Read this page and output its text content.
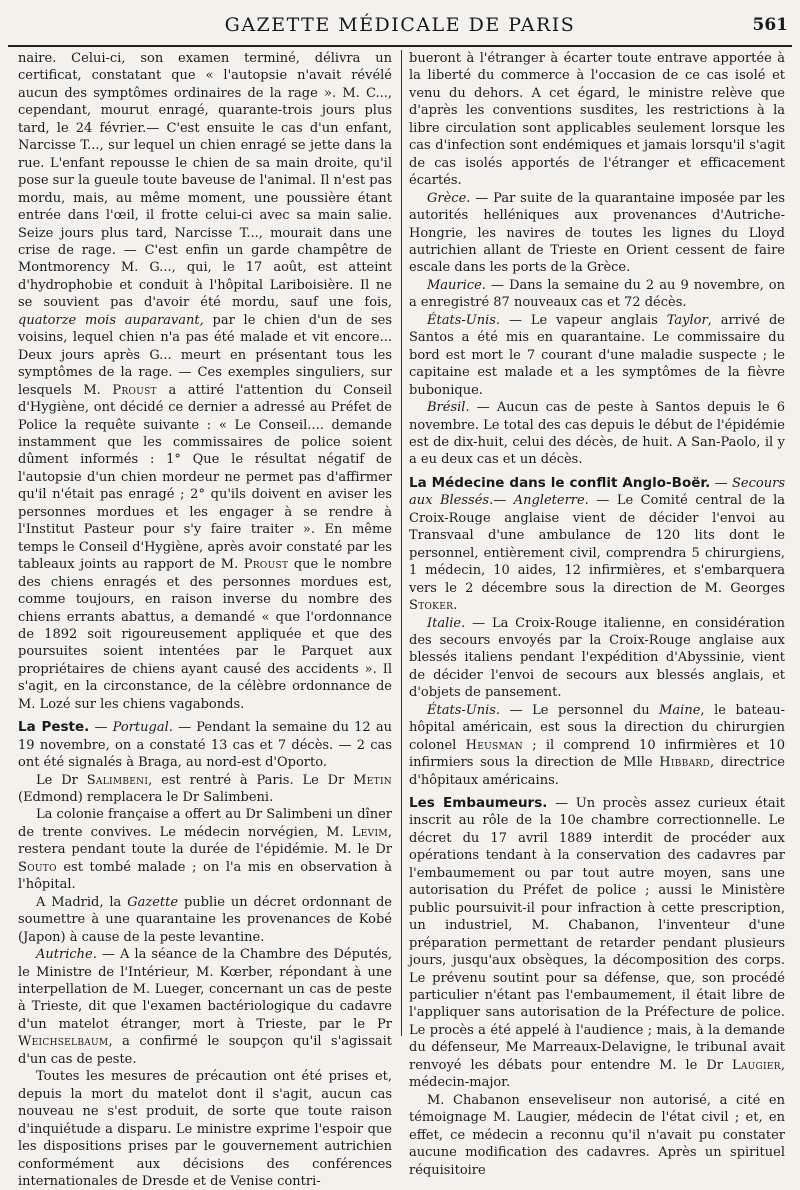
GAZETTE MÉDICALE DE PARIS	561

naire. Celui-ci, son examen terminé, délivra un certificat, constatant que « l'autopsie n'avait révélé aucun des symptômes ordinaires de la rage ». M. C..., cependant, mourut enragé, quarante-trois jours plus tard, le 24 février.— C'est ensuite le cas d'un enfant, Narcisse T..., sur lequel un chien enragé se jette dans la rue. L'enfant repousse le chien de sa main droite, qu'il pose sur la gueule toute baveuse de l'animal. Il n'est pas mordu, mais, au même moment, une poussière étant entrée dans l'œil, il frotte celui-ci avec sa main salie. Seize jours plus tard, Narcisse T..., mourait dans une crise de rage. — C'est enfin un garde champêtre de Montmorency M. G..., qui, le 17 août, est atteint d'hydrophobie et conduit à l'hôpital Lariboisière. Il ne se souvient pas d'avoir été mordu, sauf une fois, quatorze mois auparavant, par le chien d'un de ses voisins, lequel chien n'a pas été malade et vit encore... Deux jours après G... meurt en présentant tous les symptômes de la rage. — Ces exemples singuliers, sur lesquels M. Proust a attiré l'attention du Conseil d'Hygiène, ont décidé ce dernier a adressé au Préfet de Police la requête suivante : « Le Conseil.... demande instamment que les commissaires de police soient dûment informés : 1° Que le résultat négatif de l'autopsie d'un chien mordeur ne permet pas d'affirmer qu'il n'était pas enragé ; 2° qu'ils doivent en aviser les personnes mordues et les engager à se rendre à l'Institut Pasteur pour s'y faire traiter ». En même temps le Conseil d'Hygiène, après avoir constaté par les tableaux joints au rapport de M. Proust que le nombre des chiens enragés et des personnes mordues est, comme toujours, en raison inverse du nombre des chiens errants abattus, a demandé « que l'ordonnance de 1892 soit rigoureusement appliquée et que des poursuites soient intentées par le Parquet aux propriétaires de chiens ayant causé des accidents ». Il s'agit, en la circonstance, de la célèbre ordonnance de M. Lozé sur les chiens vagabonds.

La Peste. — Portugal. — Pendant la semaine du 12 au 19 novembre, on a constaté 13 cas et 7 décès. — 2 cas ont été signalés à Braga, au nord-est d'Oporto.

Le Dr Salimbeni, est rentré à Paris. Le Dr Metin (Edmond) remplacera le Dr Salimbeni.

La colonie française a offert au Dr Salimbeni un dîner de trente convives. Le médecin norvégien, M. Levim, restera pendant toute la durée de l'épidémie. M. le Dr Souto est tombé malade ; on l'a mis en observation à l'hôpital.

A Madrid, la Gazette publie un décret ordonnant de soumettre à une quarantaine les provenances de Kobé (Japon) à cause de la peste levantine.

Autriche. — A la séance de la Chambre des Députés, le Ministre de l'Intérieur, M. Kœrber, répondant à une interpellation de M. Lueger, concernant un cas de peste à Trieste, dit que l'examen bactériologique du cadavre d'un matelot étranger, mort à Trieste, par le Pr Weichselbaum, a confirmé le soupçon qu'il s'agissait d'un cas de peste.

Toutes les mesures de précaution ont été prises et, depuis la mort du matelot dont il s'agit, aucun cas nouveau ne s'est produit, de sorte que toute raison d'inquiétude a disparu. Le ministre exprime l'espoir que les dispositions prises par le gouvernement autrichien conformément aux décisions des conférences internationales de Dresde et de Venise contri-

bueront à l'étranger à écarter toute entrave apportée à la liberté du commerce à l'occasion de ce cas isolé et venu du dehors. A cet égard, le ministre relève que d'après les conventions susdites, les restrictions à la libre circulation sont applicables seulement lorsque les cas d'infection sont endémiques et jamais lorsqu'il s'agit de cas isolés apportés de l'étranger et efficacement écartés.

Grèce. — Par suite de la quarantaine imposée par les autorités helléniques aux provenances d'Autriche-Hongrie, les navires de toutes les lignes du Lloyd autrichien allant de Trieste en Orient cessent de faire escale dans les ports de la Grèce.

Maurice. — Dans la semaine du 2 au 9 novembre, on a enregistré 87 nouveaux cas et 72 décès.

États-Unis. — Le vapeur anglais Taylor, arrivé de Santos a été mis en quarantaine. Le commissaire du bord est mort le 7 courant d'une maladie suspecte ; le capitaine est malade et a les symptômes de la fièvre bubonique.

Brésil. — Aucun cas de peste à Santos depuis le 6 novembre. Le total des cas depuis le début de l'épidémie est de dix-huit, celui des décès, de huit. A San-Paolo, il y a eu deux cas et un décès.

La Médecine dans le conflit Anglo-Boër. — Secours aux Blessés.— Angleterre. — Le Comité central de la Croix-Rouge anglaise vient de décider l'envoi au Transvaal d'une ambulance de 120 lits dont le personnel, entièrement civil, comprendra 5 chirurgiens, 1 médecin, 10 aides, 12 infirmières, et s'embarquera vers le 2 décembre sous la direction de M. Georges Stoker.

Italie. — La Croix-Rouge italienne, en considération des secours envoyés par la Croix-Rouge anglaise aux blessés italiens pendant l'expédition d'Abyssinie, vient de décider l'envoi de secours aux blessés anglais, et d'objets de pansement.

États-Unis. — Le personnel du Maine, le bateau-hôpital américain, est sous la direction du chirurgien colonel Heusman ; il comprend 10 infirmières et 10 infirmiers sous la direction de Mlle Hibbard, directrice d'hôpitaux américains.

Les Embaumeurs. — Un procès assez curieux était inscrit au rôle de la 10e chambre correctionnelle. Le décret du 17 avril 1889 interdit de procéder aux opérations tendant à la conservation des cadavres par l'embaumement ou par tout autre moyen, sans une autorisation du Préfet de police ; aussi le Ministère public poursuivit-il pour infraction à cette prescription, un industriel, M. Chabanon, l'inventeur d'une préparation permettant de retarder pendant plusieurs jours, jusqu'aux obsèques, la décomposition des corps. Le prévenu soutint pour sa défense, que, son procédé particulier n'étant pas l'embaumement, il était libre de l'appliquer sans autorisation de la Préfecture de police. Le procès a été appelé à l'audience ; mais, à la demande du défenseur, Me Marreaux-Delavigne, le tribunal avait renvoyé les débats pour entendre M. le Dr Laugier, médecin-major.

M. Chabanon enseveliseur non autorisé, a cité en témoignage M. Laugier, médecin de l'état civil ; et, en effet, ce médecin a reconnu qu'il n'avait pu constater aucune modification des cadavres. Après un spirituel réquisitoire
